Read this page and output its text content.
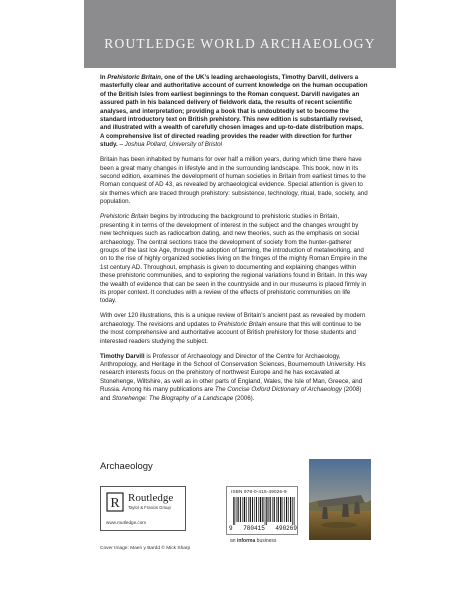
ROUTLEDGE WORLD ARCHAEOLOGY

In Prehistoric Britain, one of the UK’s leading archaeologists, Timothy Darvill, delivers a masterfully clear and authoritative account of current knowledge on the human occupation of the British Isles from earliest beginnings to the Roman conquest. Darvill navigates an assured path in his balanced delivery of fieldwork data, the results of recent scientific analyses, and interpretation; providing a book that is undoubtedly set to become the standard introductory text on British prehistory. This new edition is substantially revised, and illustrated with a wealth of carefully chosen images and up-to-date distribution maps. A comprehensive list of directed reading provides the reader with direction for further study. – Joshua Pollard, University of Bristol

Britain has been inhabited by humans for over half a million years, during which time there have been a great many changes in lifestyle and in the surrounding landscape. This book, now in its second edition, examines the development of human societies in Britain from earliest times to the Roman conquest of AD 43, as revealed by archaeological evidence. Special attention is given to six themes which are traced through prehistory: subsistence, technology, ritual, trade, society, and population.

Prehistoric Britain begins by introducing the background to prehistoric studies in Britain, presenting it in terms of the development of interest in the subject and the changes wrought by new techniques such as radiocarbon dating, and new theories, such as the emphasis on social archaeology. The central sections trace the development of society from the hunter-gatherer groups of the last Ice Age, through the adoption of farming, the introduction of metalworking, and on to the rise of highly organized societies living on the fringes of the mighty Roman Empire in the 1st century AD. Throughout, emphasis is given to documenting and explaining changes within these prehistoric communities, and to exploring the regional variations found in Britain. In this way the wealth of evidence that can be seen in the countryside and in our museums is placed firmly in its proper context. It concludes with a review of the effects of prehistoric communities on life today.

With over 120 illustrations, this is a unique review of Britain’s ancient past as revealed by modern archaeology. The revisions and updates to Prehistoric Britain ensure that this will continue to be the most comprehensive and authoritative account of British prehistory for those students and interested readers studying the subject.

Timothy Darvill is Professor of Archaeology and Director of the Centre for Archaeology, Anthropology, and Heritage in the School of Conservation Sciences, Bournemouth University. His research interests focus on the prehistory of northwest Europe and he has excavated at Stonehenge, Wiltshire, as well as in other parts of England, Wales, the Isle of Man, Greece, and Russia. Among his many publications are The Concise Oxford Dictionary of Archaeology (2008) and Stonehenge: The Biography of a Landscape (2006).

Archaeology
R Routledge
Taylor & Francis Group
www.routledge.com
ISBN 978-0-415-49026-9
9 780415 490269
an informa business
Cover Image: Maen y Bardd © Mick Sharp
